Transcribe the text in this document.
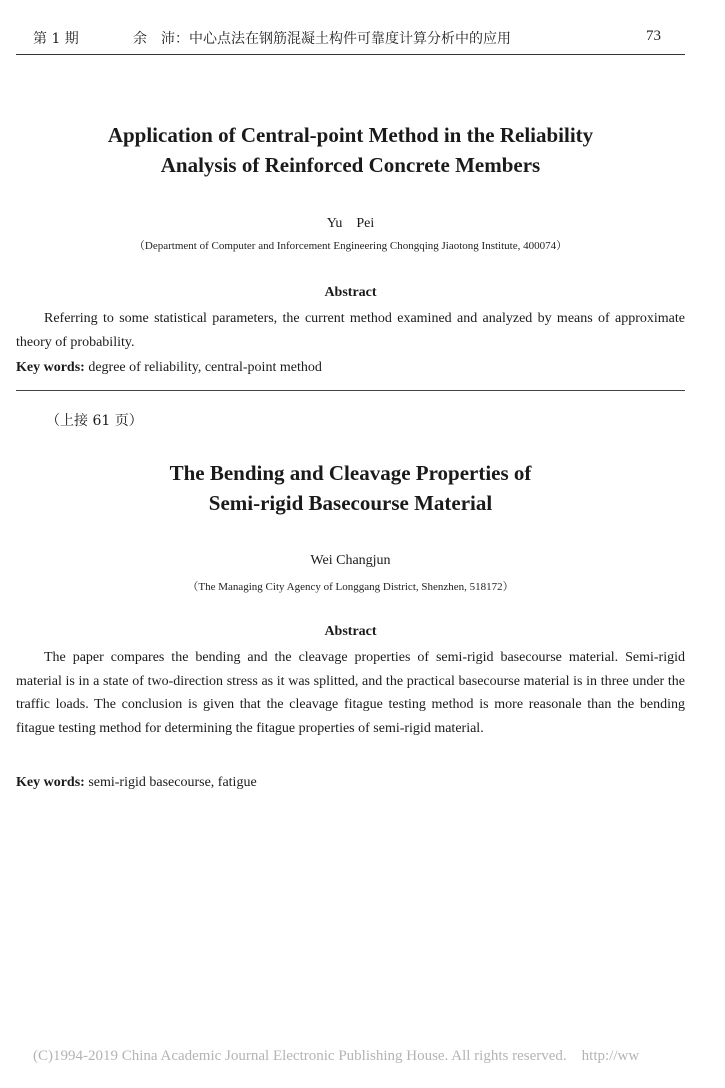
第 1 期	余　沛：中心点法在钢筋混凝土构件可靠度计算分析中的应用	73
Application of Central-point Method in the Reliability
Analysis of Reinforced Concrete Members
Yu　Pei
（Department of Computer and Inforcement Engineering Chongqing Jiaotong Institute, 400074）
Abstract

Referring to some statistical parameters, the current method examined and analyzed by means of approximate theory of probability.

Key words: degree of reliability, central-point method
（上接 61 页）
The Bending and Cleavage Properties of
Semi-rigid Basecourse Material
Wei Changjun
（The Managing City Agency of Longgang District, Shenzhen, 518172）
Abstract

The paper compares the bending and the cleavage properties of semi-rigid basecourse material. Semi-rigid material is in a state of two-direction stress as it was splitted, and the practical basecourse material is in three under the traffic loads. The conclusion is given that the cleavage fitague testing method is more reasonale than the bending fitague testing method for determining the fitague properties of semi-rigid material.

Key words: semi-rigid basecourse, fatigue
(C)1994-2019 China Academic Journal Electronic Publishing House. All rights reserved.　http://ww
